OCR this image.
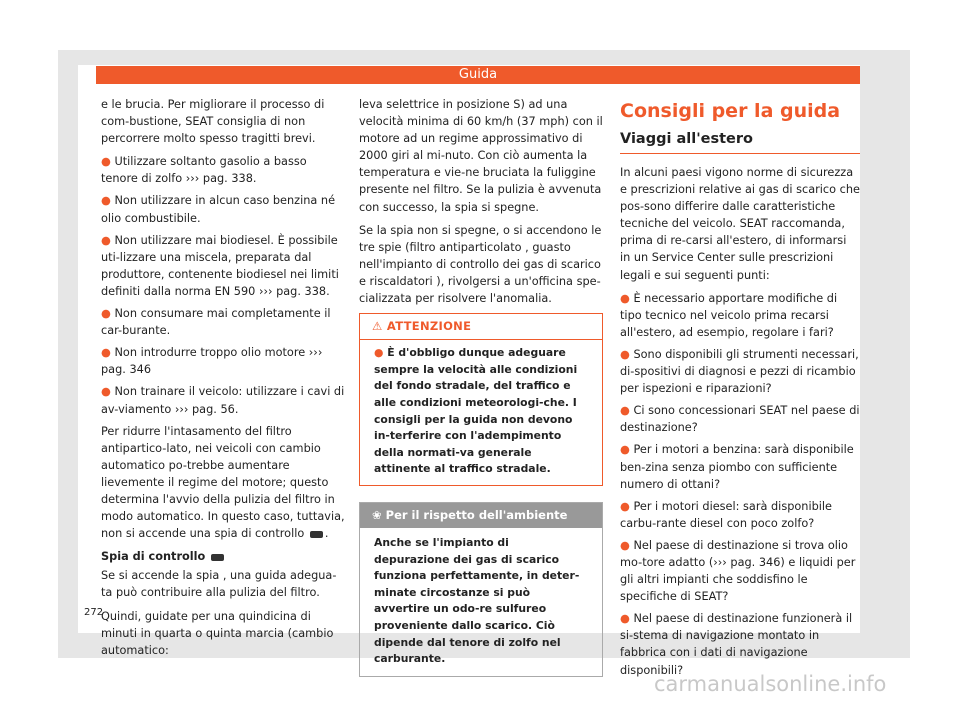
Guida

e le brucia. Per migliorare il processo di com-bustione, SEAT consiglia di non percorrere molto spesso tragitti brevi.

● Utilizzare soltanto gasolio a basso tenore di zolfo ››› pag. 338.

● Non utilizzare in alcun caso benzina né olio combustibile.

● Non utilizzare mai biodiesel. È possibile uti-lizzare una miscela, preparata dal produttore, contenente biodiesel nei limiti definiti dalla norma EN 590 ››› pag. 338.

● Non consumare mai completamente il car-burante.

● Non introdurre troppo olio motore ››› pag. 346

● Non trainare il veicolo: utilizzare i cavi di av-viamento ››› pag. 56.

Per ridurre l'intasamento del filtro antipartico-lato, nei veicoli con cambio automatico po-trebbe aumentare lievemente il regime del motore; questo determina l'avvio della pulizia del filtro in modo automatico. In questo caso, tuttavia, non si accende una spia di controllo .

Spia di controllo

Se si accende la spia , una guida adegua-ta può contribuire alla pulizia del filtro.

Quindi, guidate per una quindicina di minuti in quarta o quinta marcia (cambio automatico:

leva selettrice in posizione S) ad una velocità minima di 60 km/h (37 mph) con il motore ad un regime approssimativo di 2000 giri al mi-nuto. Con ciò aumenta la temperatura e vie-ne bruciata la fuliggine presente nel filtro. Se la pulizia è avvenuta con successo, la spia si spegne.

Se la spia non si spegne, o si accendono le tre spie (filtro antiparticolato , guasto nell'impianto di controllo dei gas di scarico e riscaldatori ), rivolgersi a un'officina spe-cializzata per risolvere l'anomalia.

⚠ ATTENZIONE
● È d'obbligo dunque adeguare sempre la velocità alle condizioni del fondo stradale, del traffico e alle condizioni meteorologi-che. I consigli per la guida non devono in-terferire con l'adempimento della normati-va generale attinente al traffico stradale.
❀ Per il rispetto dell'ambiente
Anche se l'impianto di depurazione dei gas di scarico funziona perfettamente, in deter-minate circostanze si può avvertire un odo-re sulfureo proveniente dallo scarico. Ciò dipende dal tenore di zolfo nel carburante.
Consigli per la guida
Viaggi all'estero

In alcuni paesi vigono norme di sicurezza e prescrizioni relative ai gas di scarico che pos-sono differire dalle caratteristiche tecniche del veicolo. SEAT raccomanda, prima di re-carsi all'estero, di informarsi in un Service Center sulle prescrizioni legali e sui seguenti punti:

● È necessario apportare modifiche di tipo tecnico nel veicolo prima recarsi all'estero, ad esempio, regolare i fari?

● Sono disponibili gli strumenti necessari, di-spositivi di diagnosi e pezzi di ricambio per ispezioni e riparazioni?

● Ci sono concessionari SEAT nel paese di destinazione?

● Per i motori a benzina: sarà disponibile ben-zina senza piombo con sufficiente numero di ottani?

● Per i motori diesel: sarà disponibile carbu-rante diesel con poco zolfo?

● Nel paese di destinazione si trova olio mo-tore adatto (››› pag. 346) e liquidi per gli altri impianti che soddisfino le specifiche di SEAT?

● Nel paese di destinazione funzionerà il si-stema di navigazione montato in fabbrica con i dati di navigazione disponibili?

272
carmanualsonline.info
